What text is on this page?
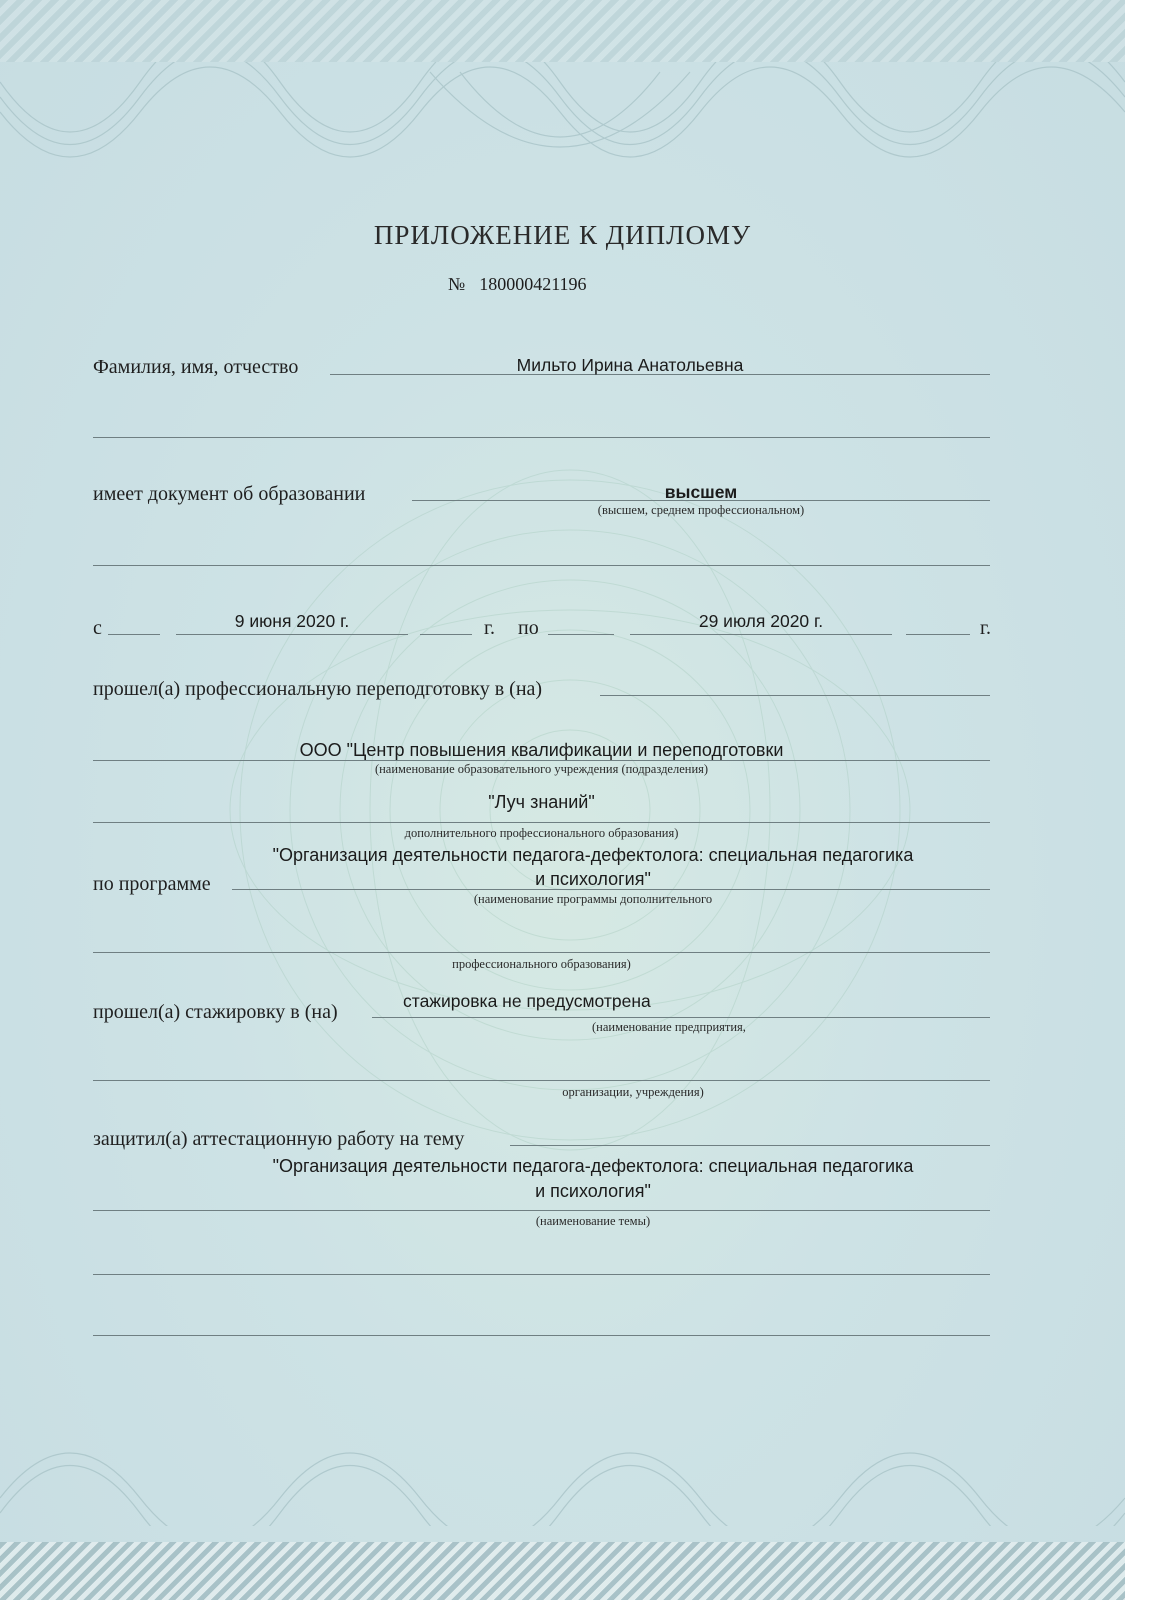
ПРИЛОЖЕНИЕ К ДИПЛОМУ
№ 180000421196
Фамилия, имя, отчество	Мильто Ирина Анатольевна
имеет документ об образовании	высшем
(высшем, среднем профессиональном)
с	9 июня 2020 г.	г. по	29 июля 2020 г.	г.
прошел(а) профессиональную переподготовку в (на)
ООО "Центр повышения квалификации и переподготовки
(наименование образовательного учреждения (подразделения)
"Луч знаний"
дополнительного профессионального образования)
"Организация деятельности педагога-дефектолога: специальная педагогика
по программе	и психология"
(наименование программы дополнительного
профессионального образования)
прошел(а) стажировку в (на)	стажировка не предусмотрена
(наименование предприятия,
организации, учреждения)
защитил(а) аттестационную работу на тему
"Организация деятельности педагога-дефектолога: специальная педагогика
и психология"
(наименование темы)
